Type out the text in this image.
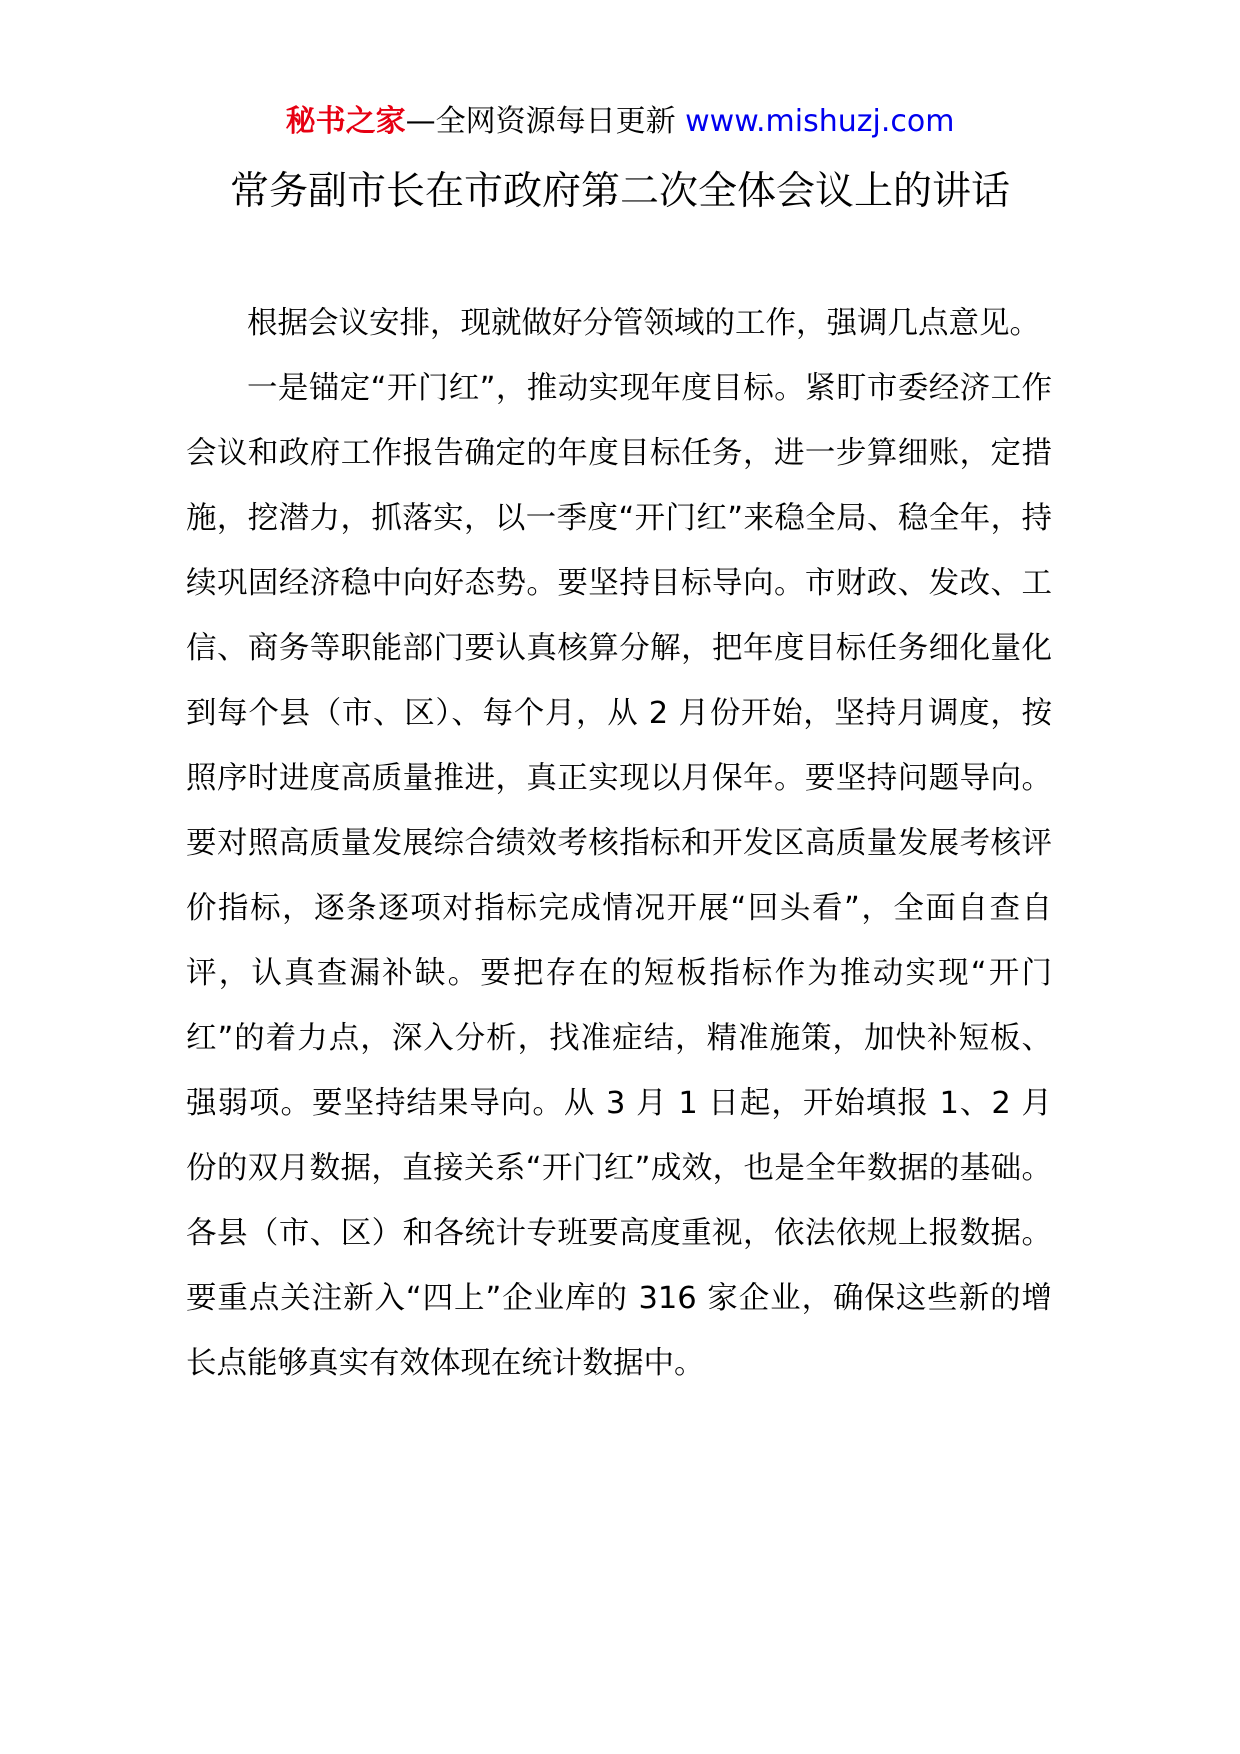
秘书之家—全网资源每日更新 www.mishuzj.com
常务副市长在市政府第二次全体会议上的讲话

根据会议安排，现就做好分管领域的工作，强调几点意见。

一是锚定“开门红”，推动实现年度目标。紧盯市委经济工作会议和政府工作报告确定的年度目标任务，进一步算细账，定措施，挖潜力，抓落实，以一季度“开门红”来稳全局、稳全年，持续巩固经济稳中向好态势。要坚持目标导向。市财政、发改、工信、商务等职能部门要认真核算分解，把年度目标任务细化量化到每个县（市、区）、每个月，从 2 月份开始，坚持月调度，按照序时进度高质量推进，真正实现以月保年。要坚持问题导向。要对照高质量发展综合绩效考核指标和开发区高质量发展考核评价指标，逐条逐项对指标完成情况开展“回头看”，全面自查自评，认真查漏补缺。要把存在的短板指标作为推动实现“开门红”的着力点，深入分析，找准症结，精准施策，加快补短板、强弱项。要坚持结果导向。从 3 月 1 日起，开始填报 1、2 月份的双月数据，直接关系“开门红”成效，也是全年数据的基础。各县（市、区）和各统计专班要高度重视，依法依规上报数据。要重点关注新入“四上”企业库的 316 家企业，确保这些新的增长点能够真实有效体现在统计数据中。
